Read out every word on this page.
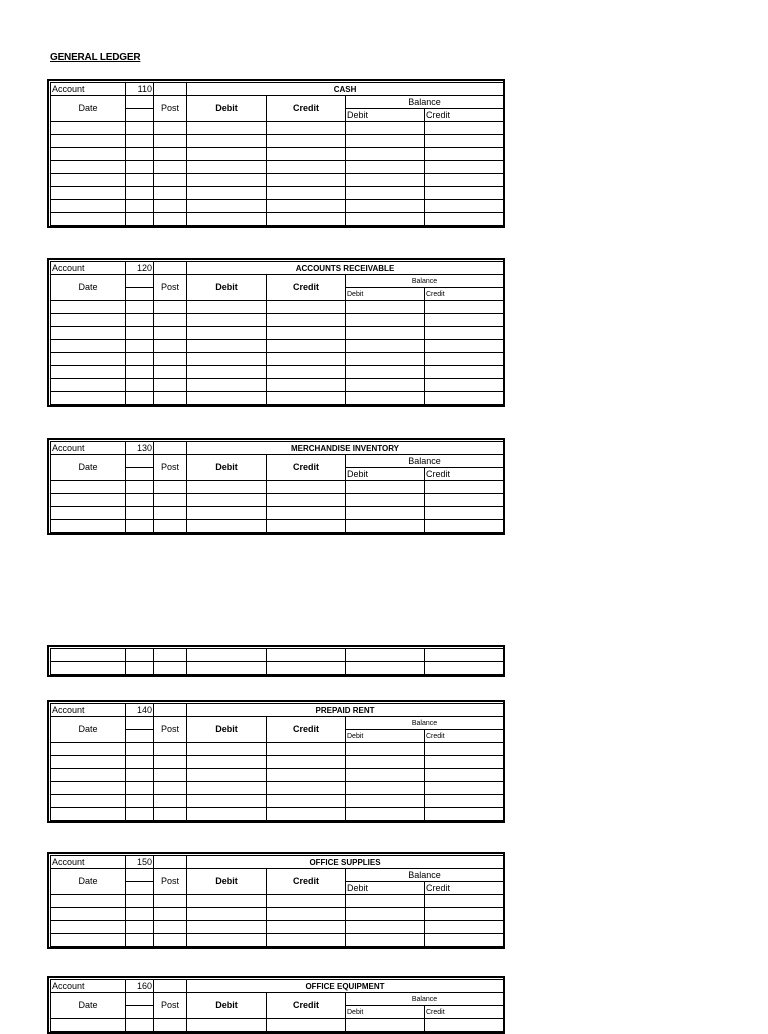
GENERAL LEDGER
Account	110		CASH			
Date		Post	Debit	Credit	Balance	
					Debit	Credit

Account	120		ACCOUNTS RECEIVABLE			
Date		Post	Debit	Credit	Balance	
					Debit	Credit

Account	130		MERCHANDISE INVENTORY			
Date		Post	Debit	Credit	Balance	
					Debit	Credit

Account	140		PREPAID RENT			
Date		Post	Debit	Credit	Balance	
					Debit	Credit

Account	150		OFFICE SUPPLIES			
Date		Post	Debit	Credit	Balance	
					Debit	Credit

Account	160		OFFICE EQUIPMENT			
Date		Post	Debit	Credit	Balance	
					Debit	Credit
